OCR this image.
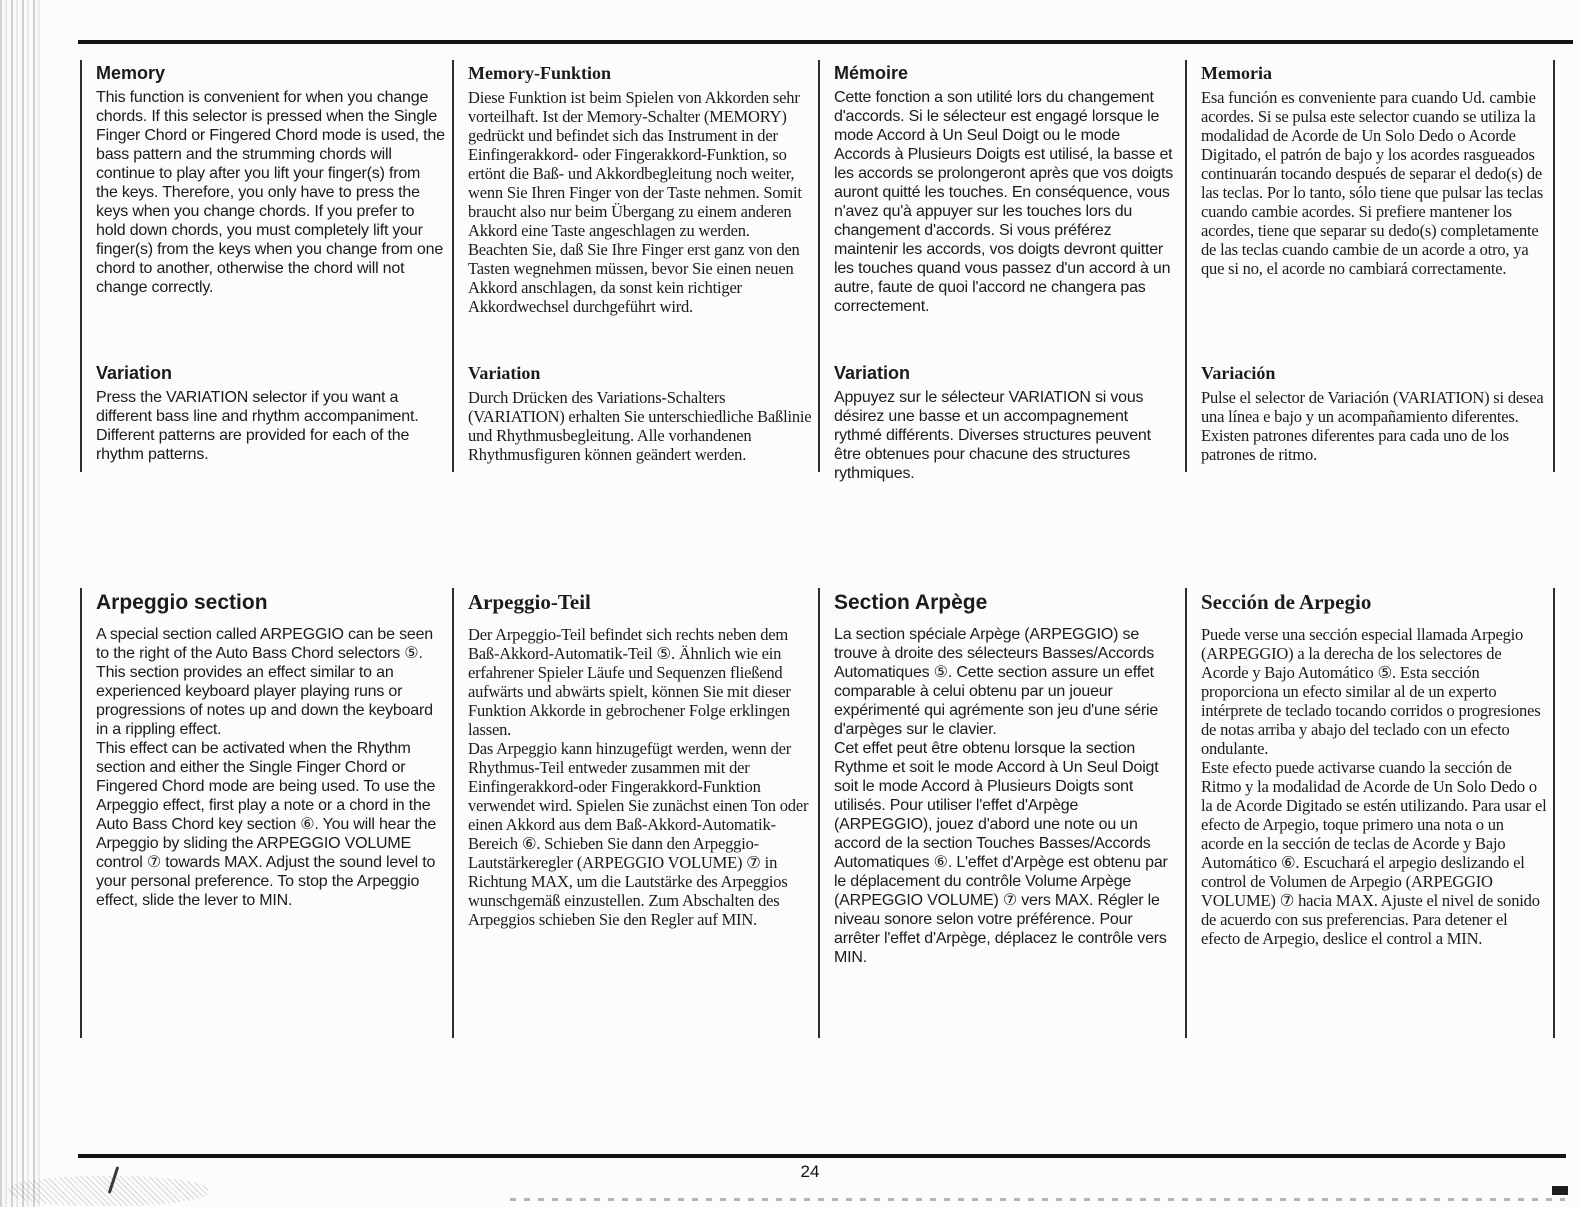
Memory

This function is convenient for when you change chords. If this selector is pressed when the Single Finger Chord or Fingered Chord mode is used, the bass pattern and the strumming chords will continue to play after you lift your finger(s) from the keys. Therefore, you only have to press the keys when you change chords. If you prefer to hold down chords, you must completely lift your finger(s) from the keys when you change from one chord to another, otherwise the chord will not change correctly.

Variation

Press the VARIATION selector if you want a different bass line and rhythm accompaniment. Different patterns are provided for each of the rhythm patterns.

Memory-Funktion

Diese Funktion ist beim Spielen von Akkorden sehr vorteilhaft. Ist der Memory-Schalter (MEMORY) gedrückt und befindet sich das Instrument in der Einfingerakkord- oder Fingerakkord-Funktion, so ertönt die Baß- und Akkordbegleitung noch weiter, wenn Sie Ihren Finger von der Taste nehmen. Somit braucht also nur beim Übergang zu einem anderen Akkord eine Taste angeschlagen zu werden. Beachten Sie, daß Sie Ihre Finger erst ganz von den Tasten wegnehmen müssen, bevor Sie einen neuen Akkord anschlagen, da sonst kein richtiger Akkordwechsel durchgeführt wird.

Variation

Durch Drücken des Variations-Schalters (VARIATION) erhalten Sie unterschiedliche Baßlinie und Rhythmusbegleitung. Alle vorhandenen Rhythmusfiguren können geändert werden.

Mémoire

Cette fonction a son utilité lors du changement d'accords. Si le sélecteur est engagé lorsque le mode Accord à Un Seul Doigt ou le mode Accords à Plusieurs Doigts est utilisé, la basse et les accords se prolongeront après que vos doigts auront quitté les touches. En conséquence, vous n'avez qu'à appuyer sur les touches lors du changement d'accords. Si vous préférez maintenir les accords, vos doigts devront quitter les touches quand vous passez d'un accord à un autre, faute de quoi l'accord ne changera pas correctement.

Variation

Appuyez sur le sélecteur VARIATION si vous désirez une basse et un accompagnement rythmé différents. Diverses structures peuvent être obtenues pour chacune des structures rythmiques.

Memoria

Esa función es conveniente para cuando Ud. cambie acordes. Si se pulsa este selector cuando se utiliza la modalidad de Acorde de Un Solo Dedo o Acorde Digitado, el patrón de bajo y los acordes rasgueados continuarán tocando después de separar el dedo(s) de las teclas. Por lo tanto, sólo tiene que pulsar las teclas cuando cambie acordes. Si prefiere mantener los acordes, tiene que separar su dedo(s) completamente de las teclas cuando cambie de un acorde a otro, ya que si no, el acorde no cambiará correctamente.

Variación

Pulse el selector de Variación (VARIATION) si desea una línea e bajo y un acompañamiento diferentes. Existen patrones diferentes para cada uno de los patrones de ritmo.

Arpeggio section

A special section called ARPEGGIO can be seen to the right of the Auto Bass Chord selectors ⑤. This section provides an effect similar to an experienced keyboard player playing runs or progressions of notes up and down the keyboard in a rippling effect.

This effect can be activated when the Rhythm section and either the Single Finger Chord or Fingered Chord mode are being used. To use the Arpeggio effect, first play a note or a chord in the Auto Bass Chord key section ⑥. You will hear the Arpeggio by sliding the ARPEGGIO VOLUME control ⑦ towards MAX. Adjust the sound level to your personal preference. To stop the Arpeggio effect, slide the lever to MIN.

Arpeggio-Teil

Der Arpeggio-Teil befindet sich rechts neben dem Baß-Akkord-Automatik-Teil ⑤. Ähnlich wie ein erfahrener Spieler Läufe und Sequenzen fließend aufwärts und abwärts spielt, können Sie mit dieser Funktion Akkorde in gebrochener Folge erklingen lassen.

Das Arpeggio kann hinzugefügt werden, wenn der Rhythmus-Teil entweder zusammen mit der Einfingerakkord-oder Fingerakkord-Funktion verwendet wird. Spielen Sie zunächst einen Ton oder einen Akkord aus dem Baß-Akkord-Automatik-Bereich ⑥. Schieben Sie dann den Arpeggio-Lautstärkeregler (ARPEGGIO VOLUME) ⑦ in Richtung MAX, um die Lautstärke des Arpeggios wunschgemäß einzustellen. Zum Abschalten des Arpeggios schieben Sie den Regler auf MIN.

Section Arpège

La section spéciale Arpège (ARPEGGIO) se trouve à droite des sélecteurs Basses/Accords Automatiques ⑤. Cette section assure un effet comparable à celui obtenu par un joueur expérimenté qui agrémente son jeu d'une série d'arpèges sur le clavier.

Cet effet peut être obtenu lorsque la section Rythme et soit le mode Accord à Un Seul Doigt soit le mode Accord à Plusieurs Doigts sont utilisés. Pour utiliser l'effet d'Arpège (ARPEGGIO), jouez d'abord une note ou un accord de la section Touches Basses/Accords Automatiques ⑥. L'effet d'Arpège est obtenu par le déplacement du contrôle Volume Arpège (ARPEGGIO VOLUME) ⑦ vers MAX. Régler le niveau sonore selon votre préférence. Pour arrêter l'effet d'Arpège, déplacez le contrôle vers MIN.

Sección de Arpegio

Puede verse una sección especial llamada Arpegio (ARPEGGIO) a la derecha de los selectores de Acorde y Bajo Automático ⑤. Esta sección proporciona un efecto similar al de un experto intérprete de teclado tocando corridos o progresiones de notas arriba y abajo del teclado con un efecto ondulante.

Este efecto puede activarse cuando la sección de Ritmo y la modalidad de Acorde de Un Solo Dedo o la de Acorde Digitado se estén utilizando. Para usar el efecto de Arpegio, toque primero una nota o un acorde en la sección de teclas de Acorde y Bajo Automático ⑥. Escuchará el arpegio deslizando el control de Volumen de Arpegio (ARPEGGIO VOLUME) ⑦ hacia MAX. Ajuste el nivel de sonido de acuerdo con sus preferencias. Para detener el efecto de Arpegio, deslice el control a MIN.

24
